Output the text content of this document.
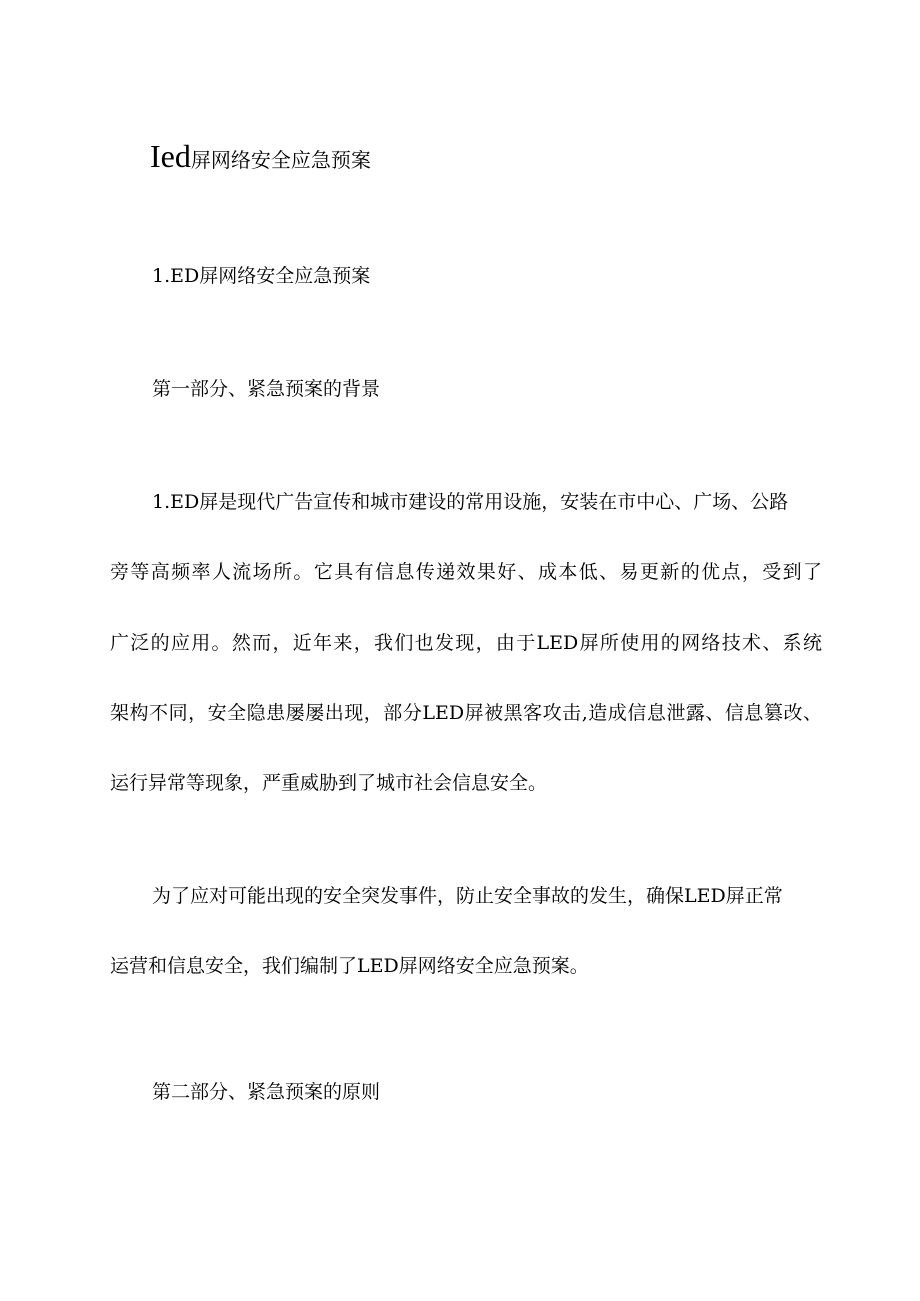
Ied屏网络安全应急预案
1.ED屏网络安全应急预案
第一部分、紧急预案的背景
1.ED屏是现代广告宣传和城市建设的常用设施，安装在市中心、广场、公路
旁等高频率人流场所。它具有信息传递效果好、成本低、易更新的优点，受到了
广泛的应用。然而，近年来，我们也发现，由于LED屏所使用的网络技术、系统
架构不同，安全隐患屡屡出现，部分LED屏被黑客攻击,造成信息泄露、信息篡改、
运行异常等现象，严重威胁到了城市社会信息安全。
为了应对可能出现的安全突发事件，防止安全事故的发生，确保LED屏正常
运营和信息安全，我们编制了LED屏网络安全应急预案。
第二部分、紧急预案的原则
